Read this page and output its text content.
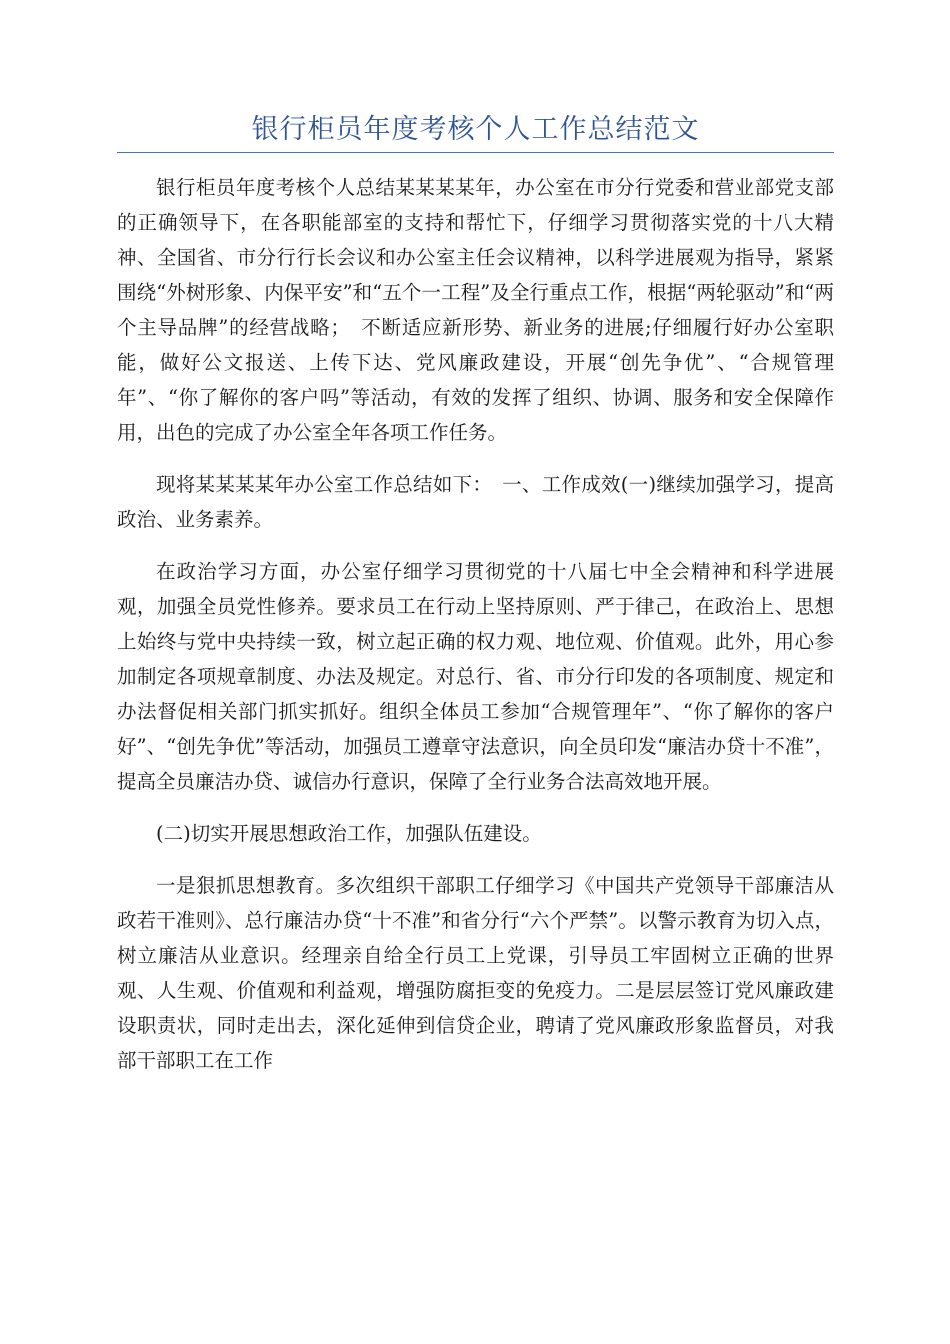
银行柜员年度考核个人工作总结范文

银行柜员年度考核个人总结某某某某年，办公室在市分行党委和营业部党支部的正确领导下，在各职能部室的支持和帮忙下，仔细学习贯彻落实党的十八大精神、全国省、市分行行长会议和办公室主任会议精神，以科学进展观为指导，紧紧围绕“外树形象、内保平安”和“五个一工程”及全行重点工作，根据“两轮驱动”和“两个主导品牌”的经营战略；　不断适应新形势、新业务的进展;仔细履行好办公室职能，做好公文报送、上传下达、党风廉政建设，开展“创先争优”、“合规管理年”、“你了解你的客户吗”等活动，有效的发挥了组织、协调、服务和安全保障作用，出色的完成了办公室全年各项工作任务。

现将某某某某年办公室工作总结如下：　一、工作成效(一)继续加强学习，提高政治、业务素养。

在政治学习方面，办公室仔细学习贯彻党的十八届七中全会精神和科学进展观，加强全员党性修养。要求员工在行动上坚持原则、严于律己，在政治上、思想上始终与党中央持续一致，树立起正确的权力观、地位观、价值观。此外，用心参加制定各项规章制度、办法及规定。对总行、省、市分行印发的各项制度、规定和办法督促相关部门抓实抓好。组织全体员工参加“合规管理年”、“你了解你的客户好”、“创先争优”等活动，加强员工遵章守法意识，向全员印发“廉洁办贷十不准”，提高全员廉洁办贷、诚信办行意识，保障了全行业务合法高效地开展。

(二)切实开展思想政治工作，加强队伍建设。

一是狠抓思想教育。多次组织干部职工仔细学习《中国共产党领导干部廉洁从政若干准则》、总行廉洁办贷“十不准”和省分行“六个严禁”。以警示教育为切入点，树立廉洁从业意识。经理亲自给全行员工上党课，引导员工牢固树立正确的世界观、人生观、价值观和利益观，增强防腐拒变的免疫力。二是层层签订党风廉政建设职责状，同时走出去，深化延伸到信贷企业，聘请了党风廉政形象监督员，对我部干部职工在工作
